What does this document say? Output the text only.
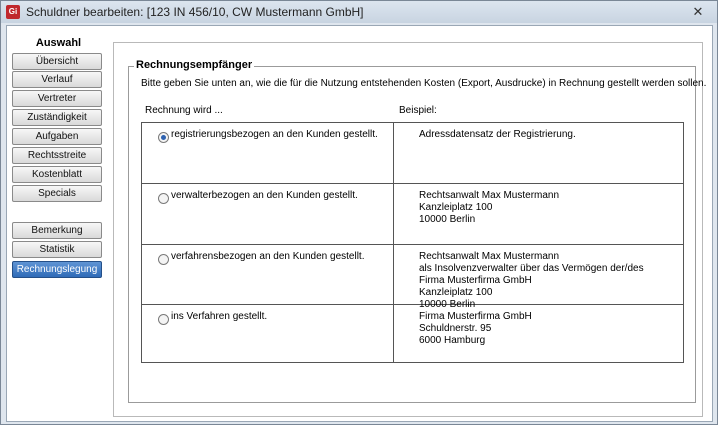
Gi Schuldner bearbeiten: [123 IN 456/10, CW Mustermann GmbH]	✕
Auswahl
Übersicht
Verlauf
Vertreter
Zuständigkeit
Aufgaben
Rechtsstreite
Kostenblatt
Specials
Bemerkung
Statistik
Rechnungslegung
Rechnungsempfänger
Bitte geben Sie unten an, wie die für die Nutzung entstehenden Kosten (Export, Ausdrucke) in Rechnung gestellt werden sollen.
Rechnung wird ...	Beispiel:
registrierungsbezogen an den Kunden gestellt.	Adressdatensatz der Registrierung.
verwalterbezogen an den Kunden gestellt.	Rechtsanwalt Max Mustermann
Kanzleiplatz 100
10000 Berlin
verfahrensbezogen an den Kunden gestellt.	Rechtsanwalt Max Mustermann
als Insolvenzverwalter über das Vermögen der/des
Firma Musterfirma GmbH
Kanzleiplatz 100
10000 Berlin
ins Verfahren gestellt.	Firma Musterfirma GmbH
Schuldnerstr. 95
6000 Hamburg
